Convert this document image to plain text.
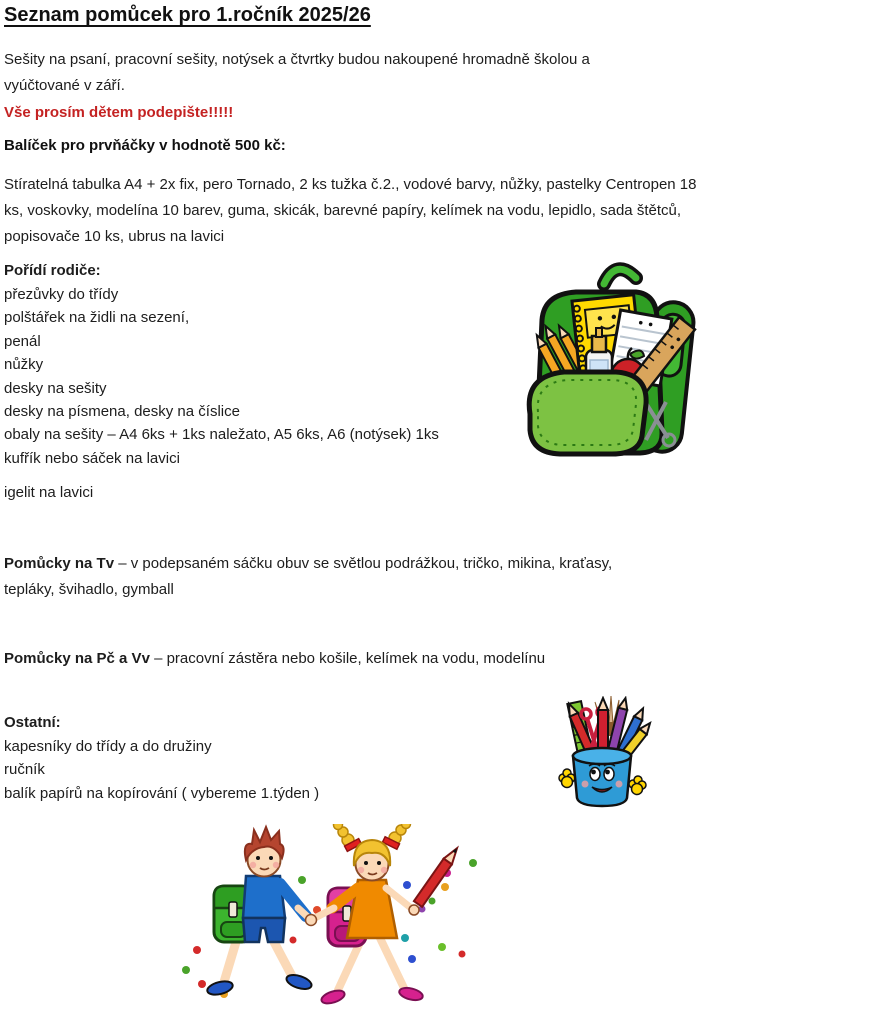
Seznam pomůcek pro 1.ročník 2025/26
Sešity na psaní, pracovní sešity, notýsek a čtvrtky budou nakoupené hromadně školou a vyúčtované v září.
Vše prosím dětem podepište!!!!!
Balíček pro prvňáčky v hodnotě 500 kč:
Stíratelná tabulka A4 + 2x fix, pero Tornado, 2 ks tužka č.2., vodové barvy, nůžky, pastelky Centropen 18 ks, voskovky, modelína 10 barev, guma, skicák, barevné papíry, kelímek na vodu, lepidlo, sada štětců, popisovače 10 ks, ubrus na lavici
Pořídí rodiče:
přezůvky do třídy
polštářek na židli na sezení,
penál
nůžky
desky na sešity
desky na písmena, desky na číslice
obaly na sešity – A4 6ks + 1ks naležato, A5 6ks, A6 (notýsek) 1ks
kufřík nebo sáček na lavici
igelit na lavici
Pomůcky na Tv – v podepsaném sáčku obuv se světlou podrážkou, tričko, mikina, kraťasy, tepláky, švihadlo, gymball
Pomůcky na Pč a Vv – pracovní zástěra nebo košile, kelímek na vodu, modelínu
Ostatní:
kapesníky do třídy a do družiny
ručník
balík papírů na kopírování ( vybereme 1.týden )
